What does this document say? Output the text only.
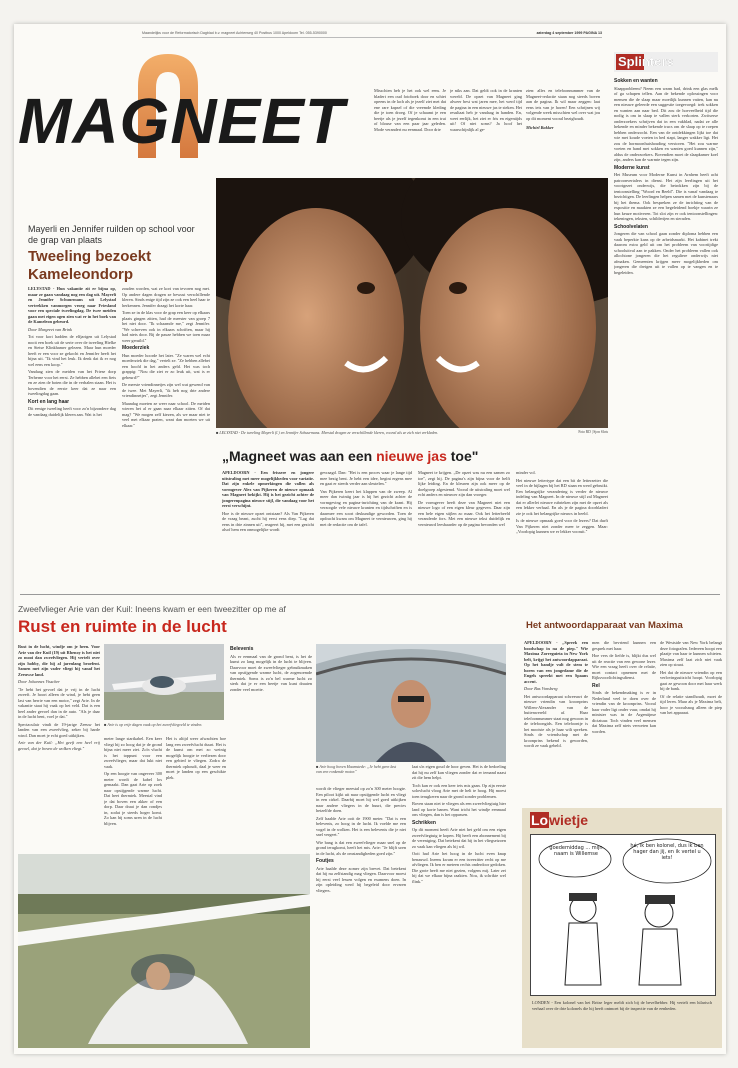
Maandelijks voor de Reformatorisch Dagblad b.v. magneet Achterweg 40 Postbus 1000 Apeldoorn Tel. 055-5390000	zaterdag 4 september 1999 PAGINA 13
MAGNEET	Misschien heb je het ook wel eens. Je bladert een oud fotoboek door en schiet opeens in de lach als je jezelf ziet met dat ene rare kapsel of die vreemde kleding die je toen droeg. Of je schaamt je een beetje als je jezelf tegenkomt in een trui of blouse van een paar jaar geleden. Mode verandert nu eenmaal. Door drie
je niks aan. Dat geldt ook in de kranten wereld. De opzet van Magneet ging alweer best wat jaren mee, het werd tijd de pagina in een nieuwe jas te steken. Het resultaat heb je vandaag in handen. En, weet eerlijk, het ziet er fris en eigentijds uit! Of niet soms? Ja hoof het waarschijnlijk al ge-
zien: alles en telefoonnummer van de Magneet-redactie staan nog steeds boven aan de pagina. Ik wil maar zeggen: laat eens iets van je horen! Een schrijnen wij volgende week misschien wel over wat jou op dit moment vooral bezighoudt.
Michiel Bakker
Splinters
Sokken en wanten

Slaapprobleem? Neem een warm bad, drink een glas melk of ga schapen tellen. Aan de bekende oplossingen voor mensen die de slaap maar moeilijk kunnen vatten, kan nu een nieuwe geleerde een suggestie toegevoegd: trek sokken en wanten aan naar bed. Dit zou de hoeveelheid tijd die nodig is om in slaap te vallen sterk verkorten. Zwitserse onderzoekers schrijven dat in een vakblad, nadat ze alle hekende en minder bekende trucs om de slaap op te roepen hebben onderzocht. Een van de ontdekkingen lijkt toe dat wie met koude voeten in bed stapt, langer wakker ligt. Het zou de hormoonhuishouding verstoren. "Het zou warme voeten en hand met sokken en wanten goed kunnen zijn," aldus de onderzoekers. Bovendien moet de slaapkamer koel zijn, anders kan de warmte tegen zijn.

Moderne kunst

Het Museum voor Moderne Kunst in Arnhem heeft acht patroonvertalers in dienst. Het zijn leerlingen uit het voortgezet onderwijs, die betrokken zijn bij de tentoonstelling "Woord en Beeld". Die is vanaf vandaag te bezichtigen. De leerlingen helpen samen met de kunstenaars bij het thema. Ook bespreken ze de inrichting van de expositie en maakten ze een begeleidend boekje waarin ze hun keuze motiveren. Tot slot zijn er ook tentoonstellingen: tekeningen, teksten, schilderijen en sieraden.

Schoolvelaten

Jongeren die van school gaan zonder diploma hebben een vaak beperkte kans op de arbeidsmarkt. Het kabinet trekt daarom extra geld uit om het probleem van voortijdige schooluitval aan te pakken. Onder het probleem vallen ook allochtone jongeren die het reguliere onderwijs niet afmaken. Gemeenten krijgen meer mogelijkheden om jongeren die dreigen uit te vallen op te vangen en te begeleiden.

Mayerli en Jennifer ruilden op school voor de grap van plaats
Tweeling bezoekt
Kameleondorp
■ LELYSTAD - De tweeling Mayerli (l.) en Jennifer Schuurmans. Meestal dragen ze verschillende kleren, vooral als ze zich niet verkleden.	Foto RD | Sjon Slots

LELYSTAD - Hun vakantie zit er bijna op, maar ze gaan vandaag nog een dag uit. Mayerli en Jennifer Schuurmans uit Lelystad vertrekken vanmorgen vroeg naar Friesland voor een speciale tweelingdag. De twee meiden gaan met eigen ogen zien wat er in het boek van de Kameleon gebeurd.

Door Margreet van Brink

Tot voor kort hadden de elfjarigen uit Lelystad nooit een boek uit de serie over de tweeling Hielke en Sietse Klinkhamer gelezen. Maar hun moeder heeft er een voor ze gekocht en Jennifer heeft het bijna uit. "Ik vind het leuk. Ik denk dat ik er nog wel eens een koop."

Vandaag zien de meiden van het Friese dorp Terherne voor het eerst. Ze hebben allebei een fiets en ze zien de boten die in de verhalen staan. Het is bovendien de eerste keer dat ze naar een tweelingdag gaan.

Kort en lang haar

Dit eenige tweeling heeft voor zo'n bijzondere dag de vandaag duidelijk kleren aan. Wat is het

zouden worden, wat ze kort van tevoren nog met. Op andere dagen dragen ze bewust verschillende kleren. Sinds enige tijd zijn ze ook een heel haar te herkennen. Jennifer draagt het korte haar.

Toen ze in de klas voor de grap een keer op elkaars plaats gingen zitten, had de meester van groep 7 het niet door. "Ik schaamde me," zegt Jennifer. "We schreven ook in elkaars schriften, maar hij had niets door. Bij de pauze hebben we toen maar weer geruild."

Moederziek

Hun moeder hoorde het later. "Ze waren wel echt moederziek die dag," vertelt ze. "Ze hebben allebei een hoofd in het anders geld. Het was toch grappig: "Nou die ziet er zo leuk uit, wat is er gebeurd?"

De meeste vriendinnetjes zijn wel wat gewend van de twee. Met Mayerli, "ik heb nog drie andere vriendinnetjes", zegt Jennifer.

Maandag moeten ze weer naar school. De meiden wieren het al er gaan naar elkaar zitten. Of dat mag? "We mogen zelf kiezen, als we maar niet te veel met elkaar praten, want dan moeten we uit elkaar."

„Magneet was aan een nieuwe jas toe"

APELDOORN - Een frissere en jongere uitstraling met meer mogelijkheden voor variatie. Dat zijn enkele opmerkingen die vallen als vormgever Alex van Pijkeren de nieuwe opmaak van Magneet bekijkt. Hij is het gezicht achter de jongerenpagina nieuwe stijl, die vandaag voor het eerst verschijnt.

Hoe is de nieuwe opzet ontstaan? Als Van Pijkeren de vraag beant, zucht hij eerst eens diep. "Lag dat eens in drie zinnen uit", reageert hij, met een gezicht alsof hem een onmogelijke wordt

gevraagd. Dan: "Het is een proces waar je lange tijd mee bezig bent. Je hebt een idee, begint ergens mee en gaat er steeds verder aan sleutelen."

Van Pijkeren keert het klappen van de zweep. Al meer dan twintig jaar is hij het gezicht achter de vormgeving en pagina-inrichting van de krant. Hij verzorgde vele nieuwe kranten en tijdschriften en is daarmee een soort deskundige geworden. Toen de opdracht kwam om Magneet te vernieuwen, ging hij met de redactie om de tafel.

Magneet te krijgen. „De opzet was nu een samen zo toe", zegt hij. De pagina's zijn bijna voor de helft lijke leiding. En de kleuren zijn ook meer op de doelgroep afgestemd. Vooral de uitstraling moet wel echt anders en nieuwer zijn dan vroeger.

De vormgever heeft deze van Magneet niet een nieuwe logo of een eigen kleur gegeven. Daar zijn een hele eigen stijlen zo maar. Ook het letterbeeld veranderde fors. Met een nieuwe tekst duidelijk en vernieuwd leesbaarder op de pagina bevonden wel

minder vol.

Het nieuwe lettertype dat een bit de letterzetter die veel in de bijlagen bij het RD staan en werd gebruikt. Een belangrijke verandering is verder de nieuwe indeling van Magneet. In de nieuwe stijl zal Magneet dat er allerlei nieuwe rubrieken zijn met de opzet als een lekker verhaal. En als je de pagina doorbladert zie je ook het belangrijke nieuws in beeld.

Is de nieuwe opmaak goed voor de lezers? Dat durft Van Pijkeren niet zonder meer te zeggen. Maar: „Voorlopig kunnen we er lekker vooruit."

Zweefvlieger Arie van der Kuil: Ineens kwam er een tweezitter op me af
Rust en ruimte in de lucht

Rust in de lucht, windje om je heen. Voor Arie van der Kuil (19) uit Rhenoy is het niet zo mooi dan zweefvliegen. Hij vertelt over zijn hobby, die hij al jarenlang beoefent. Samen met zijn vader vliegt hij vanaf het Zeeuwse land.

Door Johannes Visscher

"Je hebt het gevoel dat je vrij in de lucht zweeft. Je hoort alleen de wind, je hebt geen last van herrie van een motor," zegt Arie. In de vakantie staat hij vaak op het veld. Dat is een heel ander gevoel dan in de auto. "Als je daar in de lucht bent, voel je dat."

Spectaculair vindt de 19-jarige Zeeuw het landen van een zweefvlieg, zeker bij harde wind. Dan moet je echt goed uitkijken.

Arie van der Kuil: „Het geeft een heel vrij gevoel, dat je boven de wolken vliegt."

■ Arie is op vrije dagen vaak op het zweefvliegveld te vinden.

meter lange startkabel. Een keer vliegt hij zo hoog dat je de grond bijna niet meer ziet. Zo'n vlucht is het toppunt voor een zweefvlieger, maar dat lukt niet vaak.

Op een hoogte van ongeveer 300 meter wordt de kabel los gemaakt. Dan gaat Arie op zoek naar opstijgende warme lucht. Dat heet thermiek. Meestal vind je dat boven een akker of een dorp. Daar draai je dan rondjes in, zodat je steeds hoger komt. Zo kan hij soms uren in de lucht blijven.

Het is altijd weer afwachten hoe lang een zweefvlucht duurt. Het is de kunst om met zo weinig mogelijk hoogte te verliezen door een gebied te vliegen. Zodra de thermiek ophoudt, daal je weer en moet je landen op een geschikte plek.

Belevenis

Als er eenmaal van de grond bent, is het de kunst zo lang mogelijk in de lucht te blijven. Daarvoor moet de zweefvlieger gebruikmaken van opstijgende warme lucht, de zogenoemde thermiek. Soms is zo'n bel warme lucht zo sterk dat je er een beetje van kunt draaien zonder veel moeite.

■ Arie hoog boven Haamstede: „Je hebt geen last van een ronkende motor."

wordt de vlieger meestal op zo'n 300 meter hoogte. Een piloot kijkt uit naar opstijgende lucht en vliegt in een cirkel. Daarbij moet hij wel goed uitkijken naar andere vliegers in de buurt, die precies hetzelfde doen.

Zelf haalde Arie ooit de 1900 meter. "Dat is een belevenis, zo hoog in de lucht. Ik voelde me een vogel in de wolken. Het is een belevenis die je niet snel vergeet."

Wie bang is dat een zweefvlieger maar snel op de grond terugkomt, heeft het mis. Arie: "Je blijft uren in de lucht, als de omstandigheden goed zijn."

Foutjes

Arie haalde deze zomer zijn brevet. Dat betekent dat hij nu zelfstandig mag vliegen. Daarvoor moest hij eerst veel lessen volgen en examens doen. In zijn opleiding werd hij begeleid door ervaren vliegers.

laat u'n eigen goud de hoor geven. Het is de bedoeling dat hij nu zelf kan vliegen zonder dat er iemand naast zit die hem helpt.

Toch kan er ook een keer iets mis gaan. Op zijn eerste solovlucht vloog Arie met de heli te hoog. Hij moest toen terugkeren naar de grond zonder problemen.

Boven staan niet te vliegen als een zweefvliegtuig hier land op korte banen. Want tricht het windje eenmaal ons vliegen, dan is het oppassen.

Schrikken

Op dit moment heeft Arie niet het geld om een eigen zweefvliegtuig te kopen. Hij heeft een abonnement bij de vereniging. Dat betekent dat hij in het vliegseizoen zo vaak kan vliegen als hij wil.

Ooit had Arie het hoog in de lucht even knap benauwd. Ineens kwam er een tweezitter recht op me afvliegen. Ik ben er meteen rechts onderdoor gedoken. Die grote heeft me niet gezien, volgens mij. Later zei hij dat we elkaar bijna raakten. Nou, ik schrikte wel flink."

Het antwoordapparaat van Maxima

APELDOORN - „Spreek een boodschap in na de piep." Wie Maxima Zorreguieta in New York belt, krijgt het antwoordapparaat. Op het bandje vult de stem te horen van een jongedame die de Engels spreekt met een Spaans accent.

Door Bas Vonsberg

Het antwoordapparaat schreeuwt de nieuwe vriendin van kroonprins Willem-Alexander van de buitenwereld af. Haar telefoonnummer staat nog gewoon in de telefoongids. Een telefoontje is het mooiste als je haar wilt spreken. Sinds de vriendschap met de kroonprins bekend is geworden, wordt ze vaak gebeld.

men die bevriend kunnen een gesprek met haar.

Hoe vers de liefde is, blijkt dus wel uit de reactie van een gewone lezer. Wie een vraag heeft over de relatie, moet contact opnemen met de Rijksvoorlichtingsdienst.

Rel

Sinds de bekendmaking is er in Nederland veel te doen over de vriendin van de kroonprins. Vooral haar vader ligt onder vuur, omdat hij minister was in de Argentijnse dictatuur. Toch vinden veel mensen dat Maxima zelf niets verweten kan worden.

de Westside van New York belangt deze fotografen. Iedereen hoopt een plaatje van haar te kunnen schieten. Maxima zelf laat zich niet vaak zien op straat.

Het dat de nieuwe vriendin op een verlovingsuitzicht hoopt. Voorlopig gaat ze gewoon door met haar werk bij de bank.

Of de relatie standhoudt, moet de tijd leren. Maar als je Maxima belt, hoor je vooralsnog alleen de piep van het apparaat.

Lowietje
goedemiddag ... mijn naam is Willemse
hé, ik ben kolonel, dus ik ben hager dan jij, en ik vertel u iets!
LONDEN - Een kolonel van het Britse leger meldt zich bij de bevelhebber. Hij vertelt een hilarisch verhaal over de drie kolonels die hij heeft ontmoet bij de inspectie van de eenheden.
